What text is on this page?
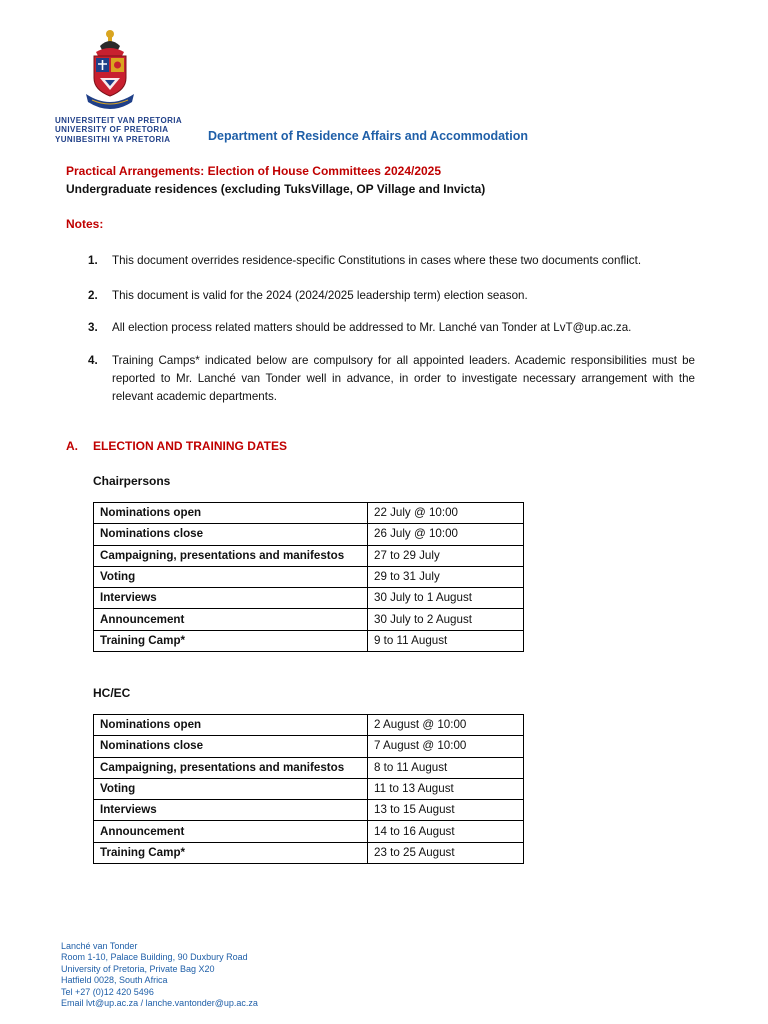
UNIVERSITEIT VAN PRETORIA
UNIVERSITY OF PRETORIA
YUNIBESITHI YA PRETORIA	Department of Residence Affairs and Accommodation
Practical Arrangements: Election of House Committees 2024/2025
Undergraduate residences (excluding TuksVillage, OP Village and Invicta)
Notes:
1. This document overrides residence-specific Constitutions in cases where these two documents conflict.
2. This document is valid for the 2024 (2024/2025 leadership term) election season.
3. All election process related matters should be addressed to Mr. Lanché van Tonder at LvT@up.ac.za.
4. Training Camps* indicated below are compulsory for all appointed leaders. Academic responsibilities must be reported to Mr. Lanché van Tonder well in advance, in order to investigate necessary arrangement with the relevant academic departments.
A. ELECTION AND TRAINING DATES
Chairpersons
Nominations open	22 July @ 10:00
Nominations close	26 July @ 10:00
Campaigning, presentations and manifestos	27 to 29 July
Voting	29 to 31 July
Interviews	30 July to 1 August
Announcement	30 July to 2 August
Training Camp*	9 to 11 August
HC/EC
Nominations open	2 August @ 10:00
Nominations close	7 August @ 10:00
Campaigning, presentations and manifestos	8 to 11 August
Voting	11 to 13 August
Interviews	13 to 15 August
Announcement	14 to 16 August
Training Camp*	23 to 25 August
Lanché van Tonder
Room 1-10, Palace Building, 90 Duxbury Road
University of Pretoria, Private Bag X20
Hatfield 0028, South Africa
Tel +27 (0)12 420 5496
Email lvt@up.ac.za / lanche.vantonder@up.ac.za
